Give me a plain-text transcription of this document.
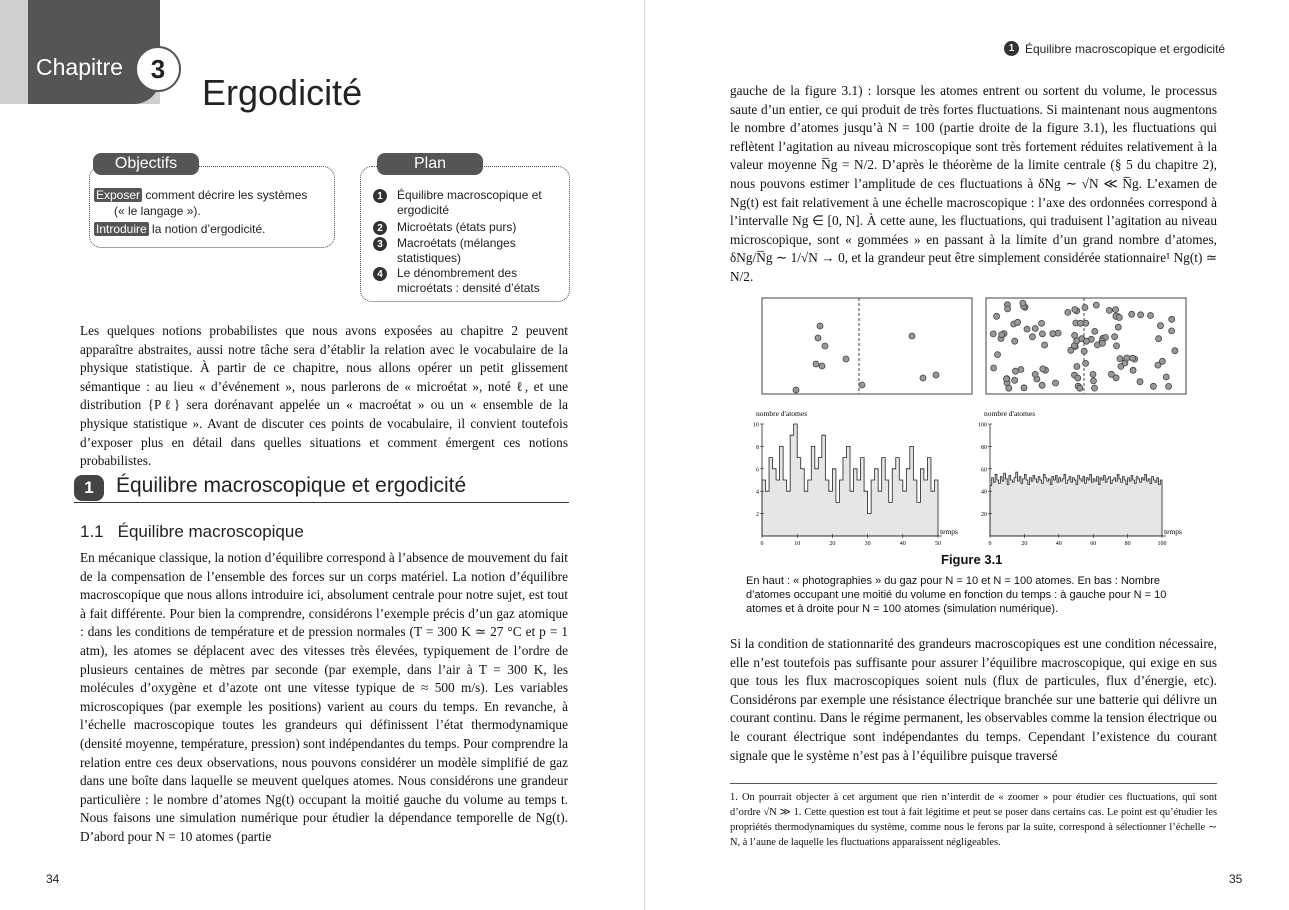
Chapitre	3
Ergodicité
Exposer comment décrire les systèmes
(« le langage »).
Introduire la notion d’ergodicité.
Objectifs
1	Équilibre macroscopique et ergodicité
2	Microétats (états purs)
3	Macroétats (mélanges statistiques)
4	Le dénombrement des microétats : densité d’états
Plan
Les quelques notions probabilistes que nous avons exposées au chapitre 2 peuvent apparaître abstraites, aussi notre tâche sera d’établir la relation avec le vocabulaire de la physique statistique. À partir de ce chapitre, nous allons opérer un petit glissement sémantique : au lieu « d’événement », nous parlerons de « microétat », noté ℓ, et une distribution {Pℓ} sera dorénavant appelée un « macroétat » ou un « ensemble de la physique statistique ». Avant de discuter ces points de vocabulaire, il convient toutefois d’exposer plus en détail dans quelles situations et comment émergent ces notions probabilistes.
1	Équilibre macroscopique et ergodicité
1.1 Équilibre macroscopique
En mécanique classique, la notion d’équilibre correspond à l’absence de mouvement du fait de la compensation de l’ensemble des forces sur un corps matériel. La notion d’équilibre macroscopique que nous allons introduire ici, absolument centrale pour notre sujet, est tout à fait différente. Pour bien la comprendre, considérons l’exemple précis d’un gaz atomique : dans les conditions de température et de pression normales (T = 300 K ≃ 27 °C et p = 1 atm), les atomes se déplacent avec des vitesses très élevées, typiquement de l’ordre de plusieurs centaines de mètres par seconde (par exemple, dans l’air à T = 300 K, les molécules d’oxygène et d’azote ont une vitesse typique de ≈ 500 m/s). Les variables microscopiques (par exemple les positions) varient au cours du temps. En revanche, à l’échelle macroscopique toutes les grandeurs qui définissent l’état thermodynamique (densité moyenne, température, pression) sont indépendantes du temps. Pour comprendre la relation entre ces deux observations, nous pouvons considérer un modèle simplifié de gaz dans une boîte dans laquelle se meuvent quelques atomes. Nous considérons une grandeur particulière : le nombre d’atomes Ng(t) occupant la moitié gauche du volume au temps t. Nous faisons une simulation numérique pour étudier la dépendance temporelle de Ng(t). D’abord pour N = 10 atomes (partie
34
1 Équilibre macroscopique et ergodicité
gauche de la figure 3.1) : lorsque les atomes entrent ou sortent du volume, le processus saute d’un entier, ce qui produit de très fortes fluctuations. Si maintenant nous augmentons le nombre d’atomes jusqu’à N = 100 (partie droite de la figure 3.1), les fluctuations qui reflètent l’agitation au niveau microscopique sont très fortement réduites relativement à la valeur moyenne N̅g = N/2. D’après le théorème de la limite centrale (§ 5 du chapitre 2), nous pouvons estimer l’amplitude de ces fluctuations à δNg ∼ √N ≪ N̅g. L’examen de Ng(t) est fait relativement à une échelle macroscopique : l’axe des ordonnées correspond à l’intervalle Ng ∈ [0, N]. À cette aune, les fluctuations, qui traduisent l’agitation au niveau microscopique, sont « gommées » en passant à la limite d’un grand nombre d’atomes, δNg/N̅g ∼ 1/√N → 0, et la grandeur peut être simplement considérée stationnaire¹ Ng(t) ≃ N/2.
2
4
6
8
10
0	10	20	30	40	50
nombre d'atomes
temps
20
40
60
80
100
0	20	40	60	80	100
nombre d'atomes
temps
Figure 3.1
En haut : « photographies » du gaz pour N = 10 et N = 100 atomes. En bas : Nombre d’atomes occupant une moitié du volume en fonction du temps : à gauche pour N = 10 atomes et à droite pour N = 100 atomes (simulation numérique).
Si la condition de stationnarité des grandeurs macroscopiques est une condition nécessaire, elle n’est toutefois pas suffisante pour assurer l’équilibre macroscopique, qui exige en sus que tous les flux macroscopiques soient nuls (flux de particules, flux d’énergie, etc). Considérons par exemple une résistance électrique branchée sur une batterie qui délivre un courant continu. Dans le régime permanent, les observables comme la tension électrique ou le courant électrique sont indépendantes du temps. Cependant l’existence du courant signale que le système n’est pas à l’équilibre puisque traversé
1. On pourrait objecter à cet argument que rien n’interdit de « zoomer » pour étudier ces fluctuations, qui sont d’ordre √N ≫ 1. Cette question est tout à fait légitime et peut se poser dans certains cas. Le point est qu’étudier les propriétés thermodynamiques du système, comme nous le ferons par la suite, correspond à sélectionner l’échelle ∼ N, à l’aune de laquelle les fluctuations apparaissent négligeables.
35
